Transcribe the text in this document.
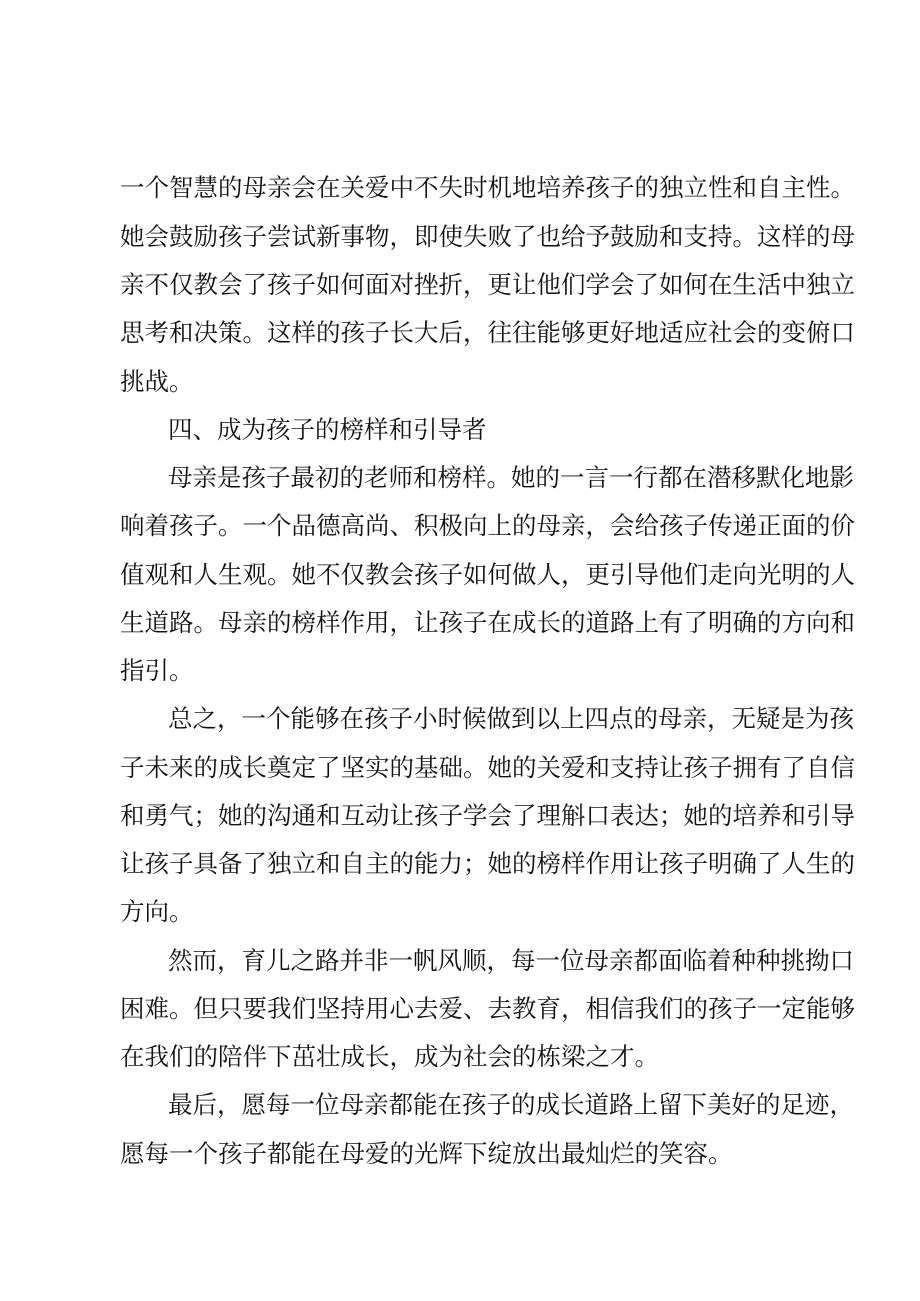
一个智慧的母亲会在关爱中不失时机地培养孩子的独立性和自主性。
她会鼓励孩子尝试新事物，即使失败了也给予鼓励和支持。这样的母
亲不仅教会了孩子如何面对挫折，更让他们学会了如何在生活中独立
思考和决策。这样的孩子长大后，往往能够更好地适应社会的变俯口
挑战。
四、成为孩子的榜样和引导者
母亲是孩子最初的老师和榜样。她的一言一行都在潜移默化地影
响着孩子。一个品德高尚、积极向上的母亲，会给孩子传递正面的价
值观和人生观。她不仅教会孩子如何做人，更引导他们走向光明的人
生道路。母亲的榜样作用，让孩子在成长的道路上有了明确的方向和
指引。
总之，一个能够在孩子小时候做到以上四点的母亲，无疑是为孩
子未来的成长奠定了坚实的基础。她的关爱和支持让孩子拥有了自信
和勇气；她的沟通和互动让孩子学会了理斛口表达；她的培养和引导
让孩子具备了独立和自主的能力；她的榜样作用让孩子明确了人生的
方向。
然而，育儿之路并非一帆风顺，每一位母亲都面临着种种挑拗口
困难。但只要我们坚持用心去爱、去教育，相信我们的孩子一定能够
在我们的陪伴下茁壮成长，成为社会的栋梁之才。
最后，愿每一位母亲都能在孩子的成长道路上留下美好的足迹，
愿每一个孩子都能在母爱的光辉下绽放出最灿烂的笑容。
